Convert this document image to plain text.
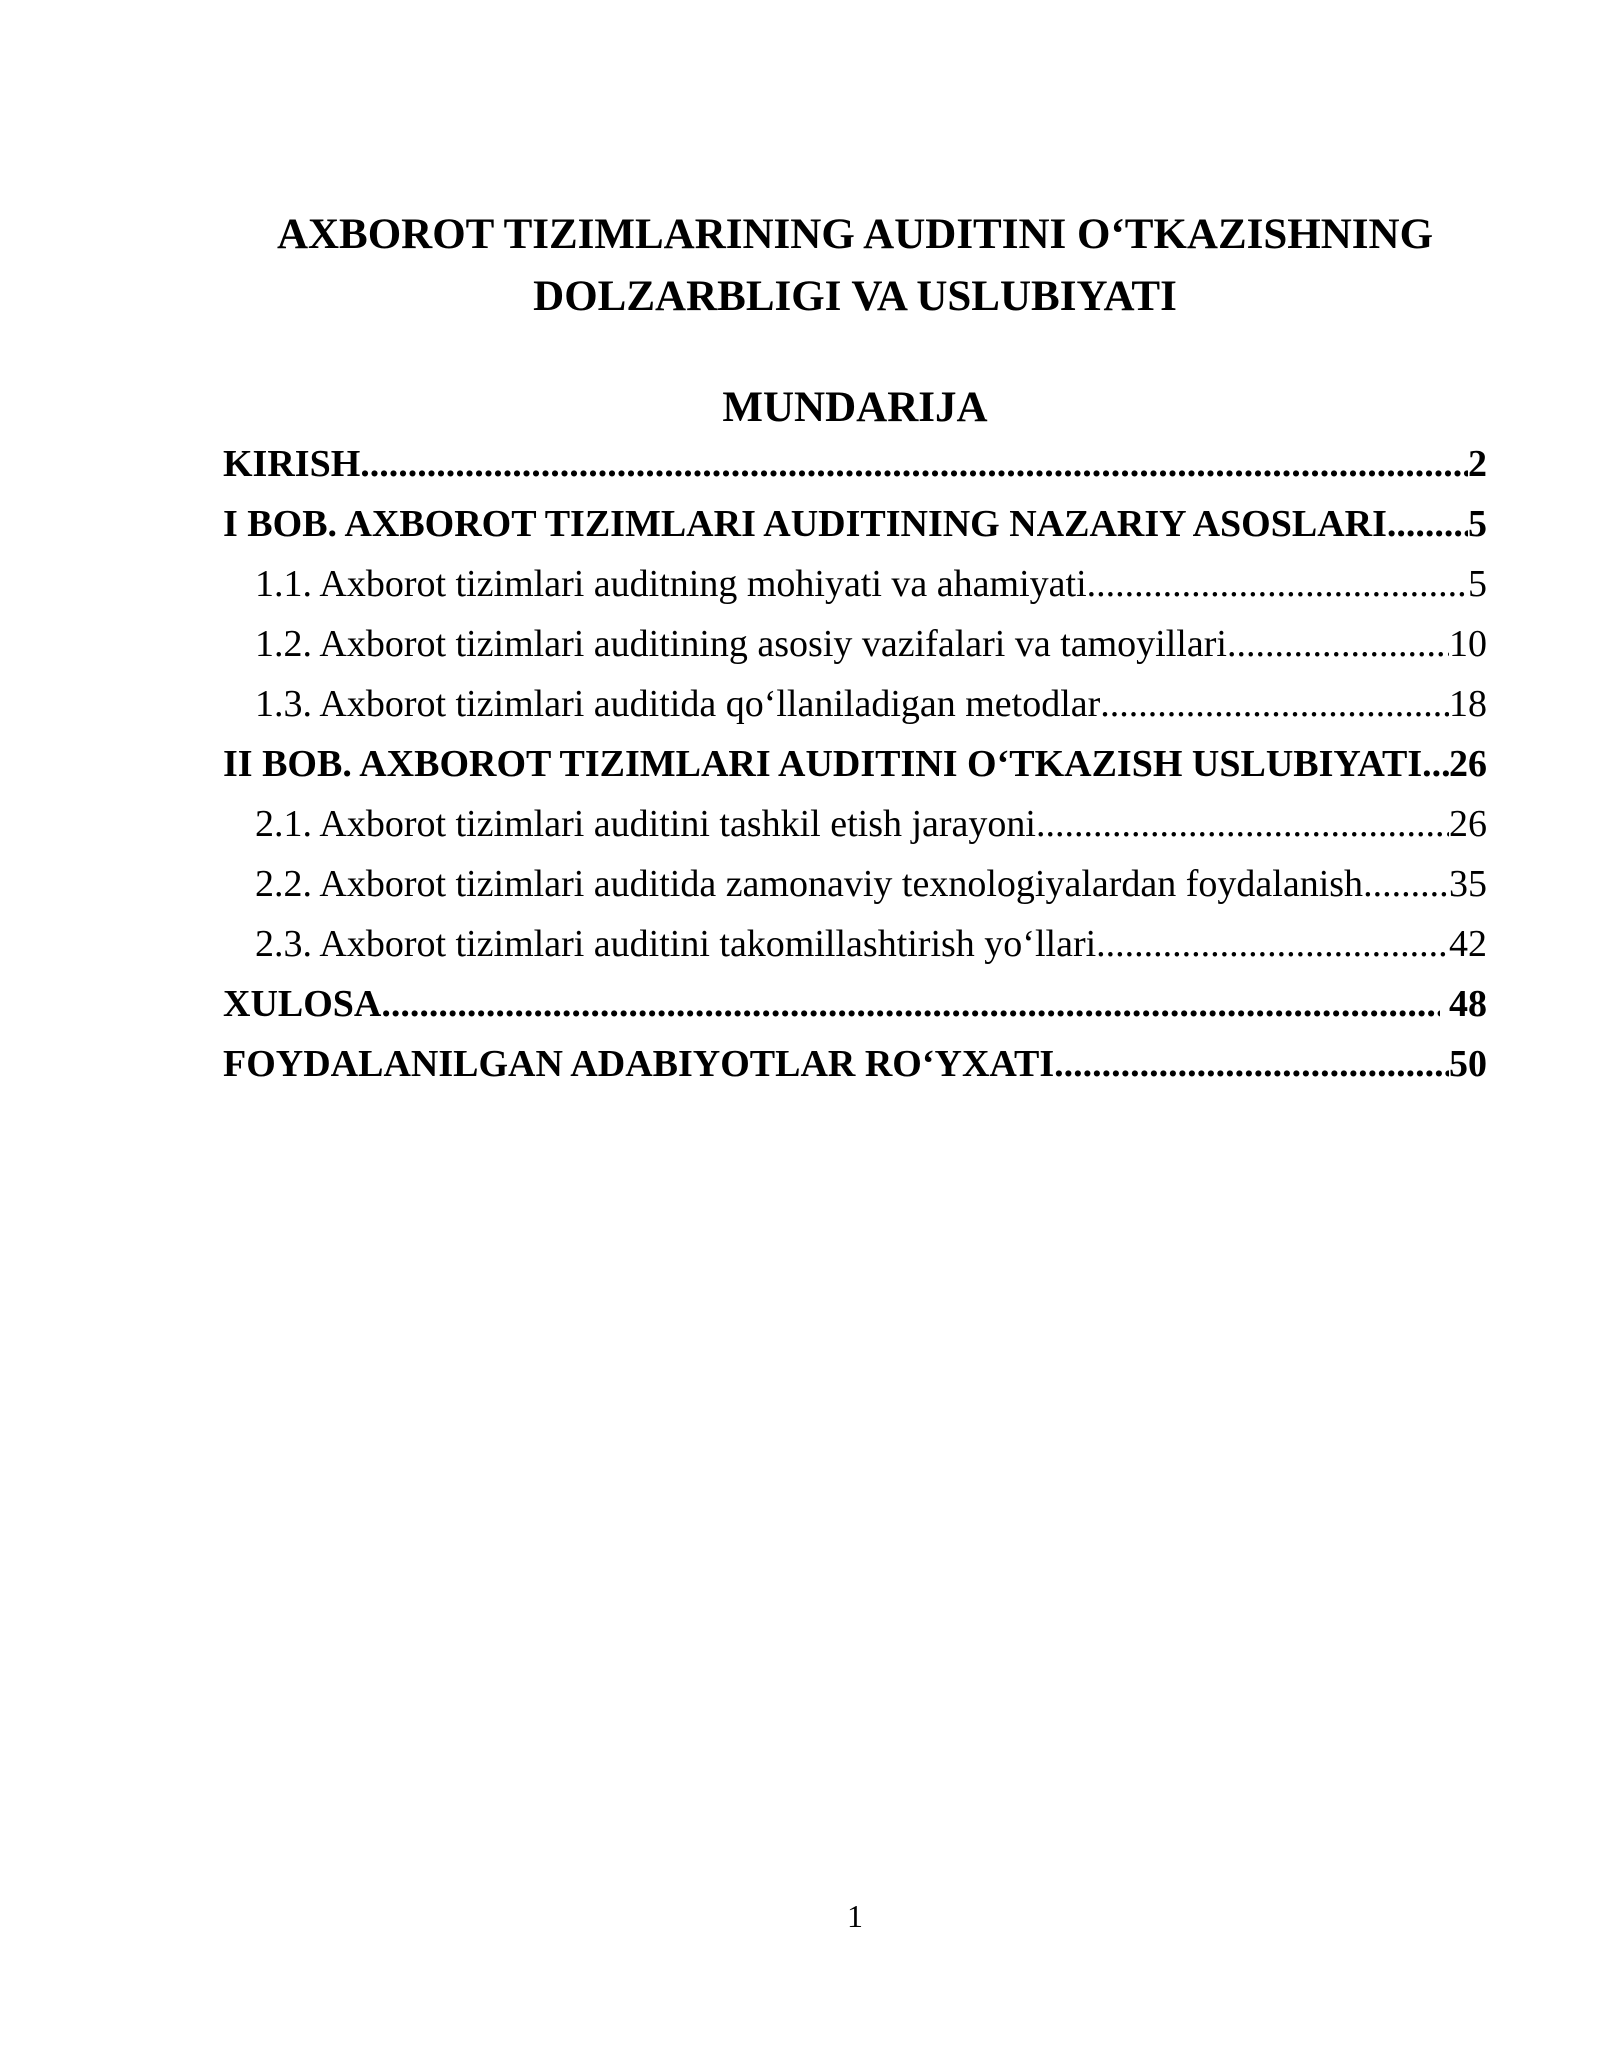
AXBOROT TIZIMLARINING AUDITINI O‘TKAZISHNING
DOLZARBLIGI VA USLUBIYATI
MUNDARIJA
KIRISH .....	2
I BOB. AXBOROT TIZIMLARI AUDITINING NAZARIY ASOSLARI ..... 5
1.1. Axborot tizimlari auditning mohiyati va ahamiyati .....	5
1.2. Axborot tizimlari auditining asosiy vazifalari va tamoyillari .....	10
1.3. Axborot tizimlari auditida qo‘llaniladigan metodlar .....	18
II BOB. AXBOROT TIZIMLARI AUDITINI O‘TKAZISH USLUBIYATI ..... 26
2.1. Axborot tizimlari auditini tashkil etish jarayoni .....	26
2.2. Axborot tizimlari auditida zamonaviy texnologiyalardan foydalanish ..... 35
2.3. Axborot tizimlari auditini takomillashtirish yo‘llari .....	42
XULOSA .....	48
FOYDALANILGAN ADABIYOTLAR RO‘YXATI .....	50
1
